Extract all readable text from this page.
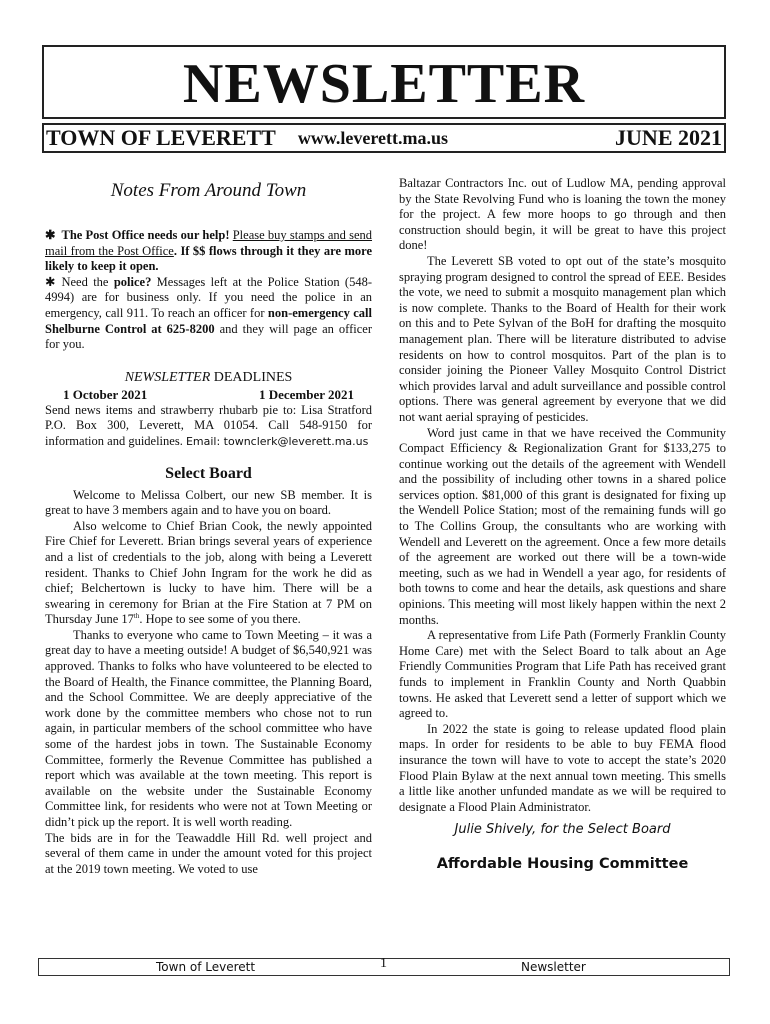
NEWSLETTER
TOWN OF LEVERETT www.leverett.ma.us	JUNE 2021
Notes From Around Town

✱ The Post Office needs our help! Please buy stamps and send mail from the Post Office. If $$ flows through it they are more likely to keep it open.

✱ Need the police? Messages left at the Police Station (548-4994) are for business only. If you need the police in an emergency, call 911. To reach an officer for non-emergency call Shelburne Control at 625-8200 and they will page an officer for you.

NEWSLETTER DEADLINES
1 October 2021	1 December 2021

Send news items and strawberry rhubarb pie to: Lisa Stratford P.O. Box 300, Leverett, MA 01054. Call 548-9150 for information and guidelines. Email: townclerk@leverett.ma.us

Select Board

Welcome to Melissa Colbert, our new SB member. It is great to have 3 members again and to have you on board.

Also welcome to Chief Brian Cook, the newly appointed Fire Chief for Leverett. Brian brings several years of experience and a list of credentials to the job, along with being a Leverett resident. Thanks to Chief John Ingram for the work he did as chief; Belchertown is lucky to have him. There will be a swearing in ceremony for Brian at the Fire Station at 7 PM on Thursday June 17th. Hope to see some of you there.

Thanks to everyone who came to Town Meeting – it was a great day to have a meeting outside! A budget of $6,540,921 was approved. Thanks to folks who have volunteered to be elected to the Board of Health, the Finance committee, the Planning Board, and the School Committee. We are deeply appreciative of the work done by the committee members who chose not to run again, in particular members of the school committee who have some of the hardest jobs in town. The Sustainable Economy Committee, formerly the Revenue Committee has published a report which was available at the town meeting. This report is available on the website under the Sustainable Economy Committee link, for residents who were not at Town Meeting or didn’t pick up the report. It is well worth reading.

The bids are in for the Teawaddle Hill Rd. well project and several of them came in under the amount voted for this project at the 2019 town meeting. We voted to use

Baltazar Contractors Inc. out of Ludlow MA, pending approval by the State Revolving Fund who is loaning the town the money for the project. A few more hoops to go through and then construction should begin, it will be great to have this project done!

The Leverett SB voted to opt out of the state’s mosquito spraying program designed to control the spread of EEE. Besides the vote, we need to submit a mosquito management plan which is now complete. Thanks to the Board of Health for their work on this and to Pete Sylvan of the BoH for drafting the mosquito management plan. There will be literature distributed to advise residents on how to control mosquitos. Part of the plan is to consider joining the Pioneer Valley Mosquito Control District which provides larval and adult surveillance and possible control options. There was general agreement by everyone that we did not want aerial spraying of pesticides.

Word just came in that we have received the Community Compact Efficiency & Regionalization Grant for $133,275 to continue working out the details of the agreement with Wendell and the possibility of including other towns in a shared police services option. $81,000 of this grant is designated for fixing up the Wendell Police Station; most of the remaining funds will go to The Collins Group, the consultants who are working with Wendell and Leverett on the agreement. Once a few more details of the agreement are worked out there will be a town-wide meeting, such as we had in Wendell a year ago, for residents of both towns to come and hear the details, ask questions and share opinions. This meeting will most likely happen within the next 2 months.

A representative from Life Path (Formerly Franklin County Home Care) met with the Select Board to talk about an Age Friendly Communities Program that Life Path has received grant funds to implement in Franklin County and North Quabbin towns. He asked that Leverett send a letter of support which we agreed to.

In 2022 the state is going to release updated flood plain maps. In order for residents to be able to buy FEMA flood insurance the town will have to vote to accept the state’s 2020 Flood Plain Bylaw at the next annual town meeting. This smells a little like another unfunded mandate as we will be required to designate a Flood Plain Administrator.

Julie Shively, for the Select Board
Affordable Housing Committee
Town of Leverett	1	Newsletter
